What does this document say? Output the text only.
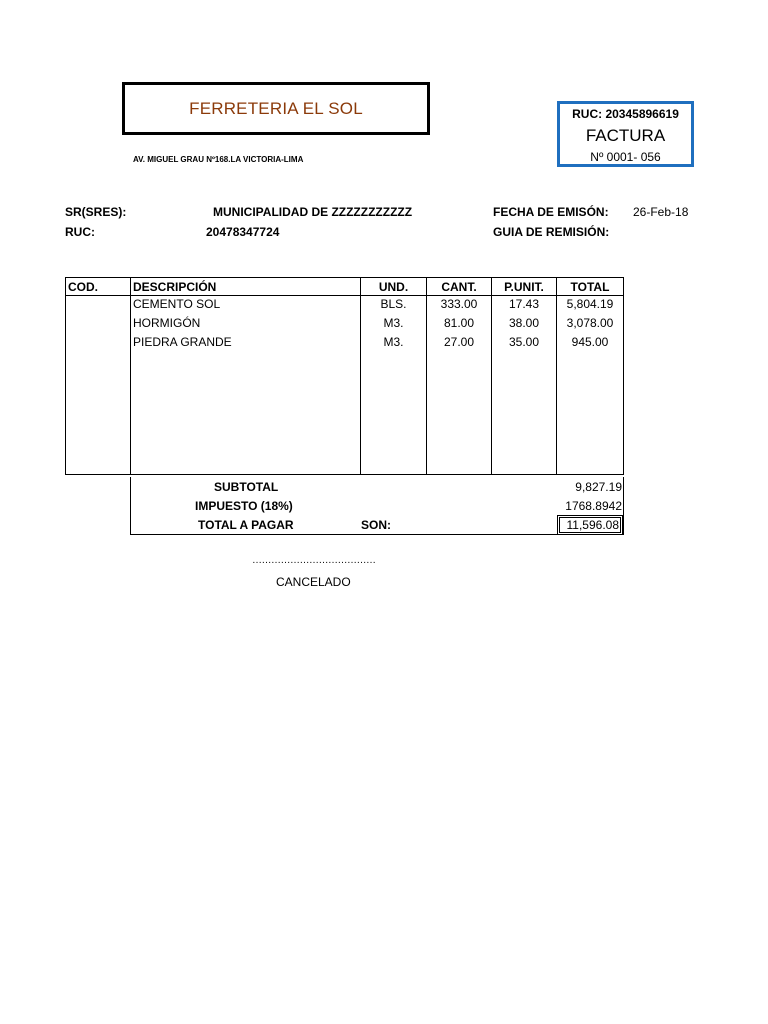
FERRETERIA EL SOL
AV. MIGUEL GRAU Nº168.LA VICTORIA-LIMA
RUC: 20345896619
FACTURA
Nº 0001- 056
SR(SRES):	MUNICIPALIDAD DE ZZZZZZZZZZZ	FECHA DE EMISÓN: 26-Feb-18
RUC:	20478347724	GUIA DE REMISIÓN:
COD.	DESCRIPCIÓN	UND.	CANT.	P.UNIT.	TOTAL
	CEMENTO SOL	BLS.	333.00	17.43	5,804.19
	HORMIGÓN	M3.	81.00	38.00	3,078.00
	PIEDRA GRANDE	M3.	27.00	35.00	945.00

SUBTOTAL	9,827.19
IMPUESTO (18%)	1768.8942
TOTAL A PAGAR	SON:	11,596.08
…………………………………
CANCELADO
